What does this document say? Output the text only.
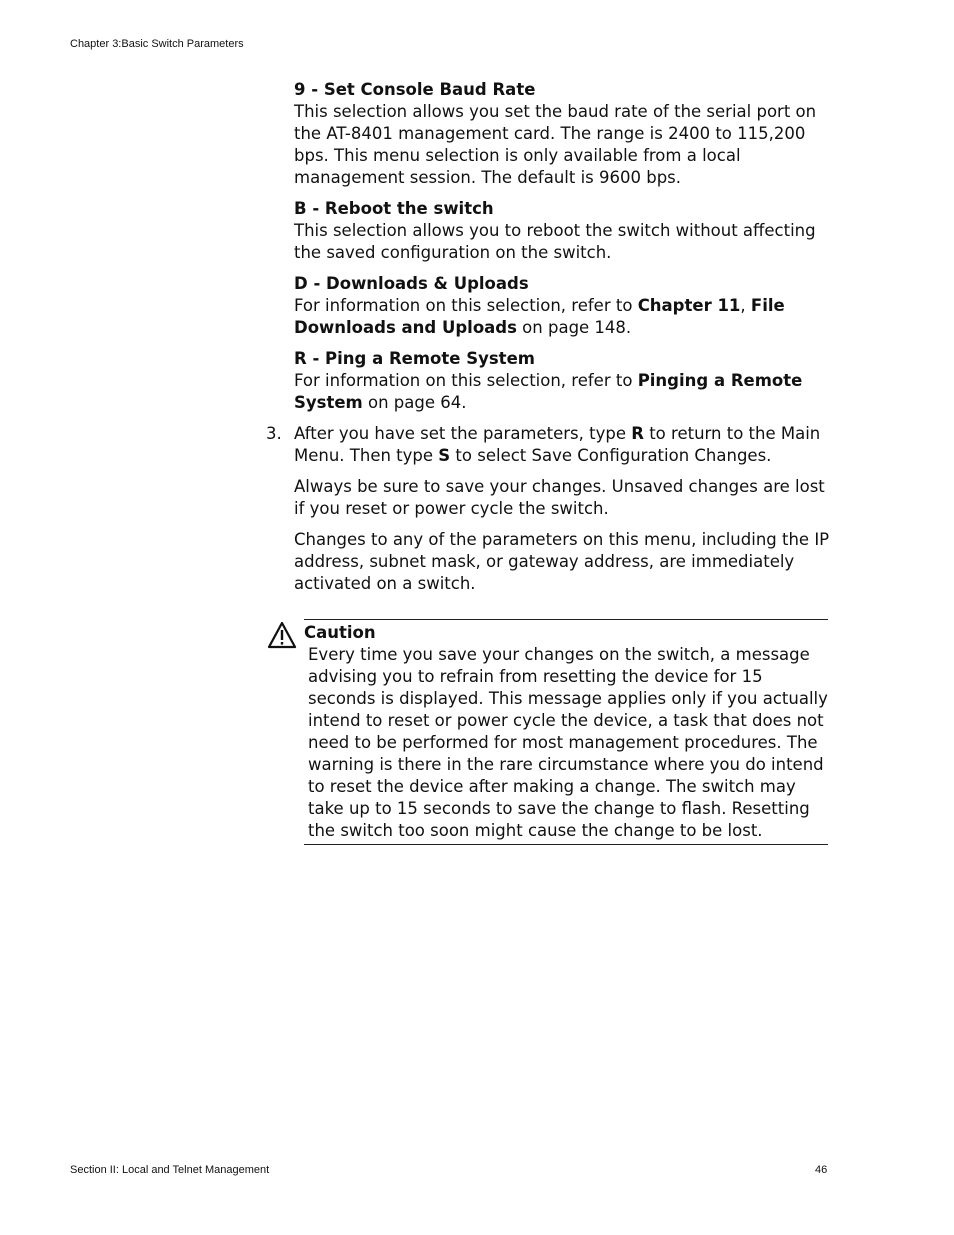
Chapter 3:Basic Switch Parameters
9 - Set Console Baud Rate
This selection allows you set the baud rate of the serial port on the AT-8401 management card. The range is 2400 to 115,200 bps. This menu selection is only available from a local management session. The default is 9600 bps.
B - Reboot the switch
This selection allows you to reboot the switch without affecting the saved configuration on the switch.
D - Downloads & Uploads
For information on this selection, refer to Chapter 11, File Downloads and Uploads on page 148.
R - Ping a Remote System
For information on this selection, refer to Pinging a Remote System on page 64.
3. After you have set the parameters, type R to return to the Main Menu. Then type S to select Save Configuration Changes.

Always be sure to save your changes. Unsaved changes are lost if you reset or power cycle the switch.

Changes to any of the parameters on this menu, including the IP address, subnet mask, or gateway address, are immediately activated on a switch.

Caution
Every time you save your changes on the switch, a message advising you to refrain from resetting the device for 15 seconds is displayed. This message applies only if you actually intend to reset or power cycle the device, a task that does not need to be performed for most management procedures. The warning is there in the rare circumstance where you do intend to reset the device after making a change. The switch may take up to 15 seconds to save the change to flash. Resetting the switch too soon might cause the change to be lost.
Section II: Local and Telnet Management	46
